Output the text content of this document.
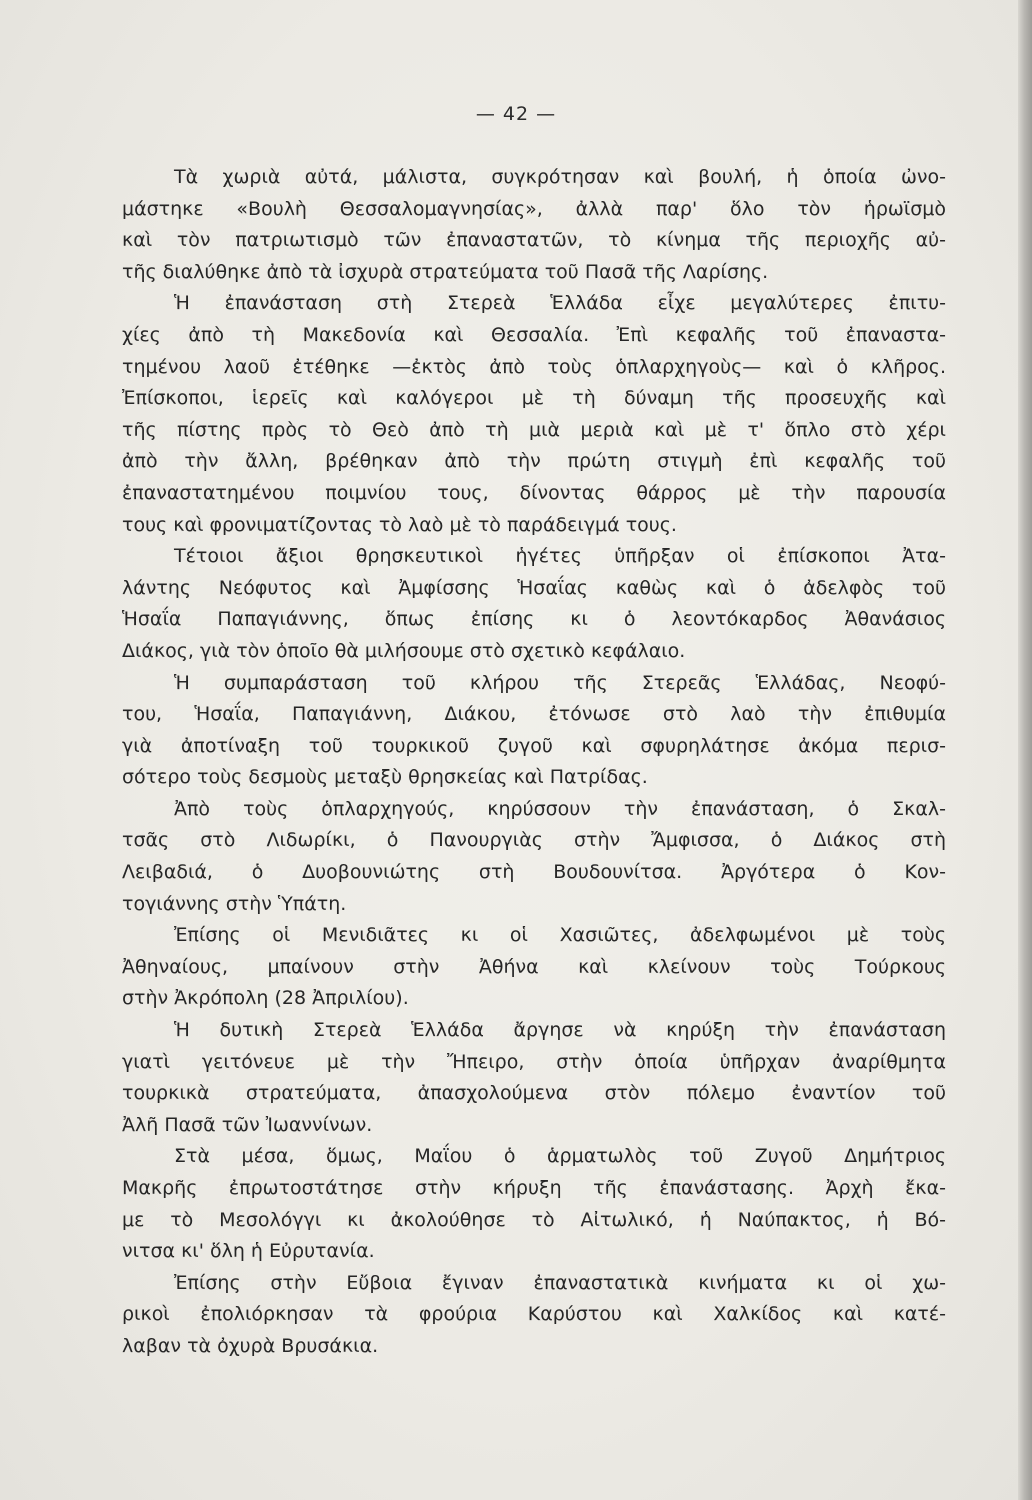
— 42 —
Τὰ χωριὰ αὐτά, μάλιστα, συγκρότησαν καὶ βουλή, ἡ ὁποία ὠνο-
μάστηκε «Βουλὴ Θεσσαλομαγνησίας», ἀλλὰ παρ' ὅλο τὸν ἡρωϊσμὸ
καὶ τὸν πατριωτισμὸ τῶν ἐπαναστατῶν, τὸ κίνημα τῆς περιοχῆς αὐ-
τῆς διαλύθηκε ἀπὸ τὰ ἰσχυρὰ στρατεύματα τοῦ Πασᾶ τῆς Λαρίσης.
Ἡ ἐπανάσταση στὴ Στερεὰ Ἑλλάδα εἶχε μεγαλύτερες ἐπιτυ-
χίες ἀπὸ τὴ Μακεδονία καὶ Θεσσαλία. Ἐπὶ κεφαλῆς τοῦ ἐπαναστα-
τημένου λαοῦ ἐτέθηκε —ἐκτὸς ἀπὸ τοὺς ὁπλαρχηγοὺς— καὶ ὁ κλῆρος.
Ἐπίσκοποι, ἱερεῖς καὶ καλόγεροι μὲ τὴ δύναμη τῆς προσευχῆς καὶ
τῆς πίστης πρὸς τὸ Θεὸ ἀπὸ τὴ μιὰ μεριὰ καὶ μὲ τ' ὅπλο στὸ χέρι
ἀπὸ τὴν ἄλλη, βρέθηκαν ἀπὸ τὴν πρώτη στιγμὴ ἐπὶ κεφαλῆς τοῦ
ἐπαναστατημένου ποιμνίου τους, δίνοντας θάρρος μὲ τὴν παρουσία
τους καὶ φρονιματίζοντας τὸ λαὸ μὲ τὸ παράδειγμά τους.
Τέτοιοι ἄξιοι θρησκευτικοὶ ἡγέτες ὑπῆρξαν οἱ ἐπίσκοποι Ἀτα-
λάντης Νεόφυτος καὶ Ἀμφίσσης Ἡσαΐας καθὼς καὶ ὁ ἀδελφὸς τοῦ
Ἡσαΐα Παπαγιάννης, ὅπως ἐπίσης κι ὁ λεοντόκαρδος Ἀθανάσιος
Διάκος, γιὰ τὸν ὁποῖο θὰ μιλήσουμε στὸ σχετικὸ κεφάλαιο.
Ἡ συμπαράσταση τοῦ κλήρου τῆς Στερεᾶς Ἑλλάδας, Νεοφύ-
του, Ἡσαΐα, Παπαγιάννη, Διάκου, ἐτόνωσε στὸ λαὸ τὴν ἐπιθυμία
γιὰ ἀποτίναξη τοῦ τουρκικοῦ ζυγοῦ καὶ σφυρηλάτησε ἀκόμα περισ-
σότερο τοὺς δεσμοὺς μεταξὺ θρησκείας καὶ Πατρίδας.
Ἀπὸ τοὺς ὁπλαρχηγούς, κηρύσσουν τὴν ἐπανάσταση, ὁ Σκαλ-
τσᾶς στὸ Λιδωρίκι, ὁ Πανουργιὰς στὴν Ἄμφισσα, ὁ Διάκος στὴ
Λειβαδιά, ὁ Δυοβουνιώτης στὴ Βουδουνίτσα. Ἀργότερα ὁ Κον-
τογιάννης στὴν Ὑπάτη.
Ἐπίσης οἱ Μενιδιᾶτες κι οἱ Χασιῶτες, ἀδελφωμένοι μὲ τοὺς
Ἀθηναίους, μπαίνουν στὴν Ἀθήνα καὶ κλείνουν τοὺς Τούρκους
στὴν Ἀκρόπολη (28 Ἀπριλίου).
Ἡ δυτικὴ Στερεὰ Ἑλλάδα ἄργησε νὰ κηρύξη τὴν ἐπανάσταση
γιατὶ γειτόνευε μὲ τὴν Ἤπειρο, στὴν ὁποία ὑπῆρχαν ἀναρίθμητα
τουρκικὰ στρατεύματα, ἀπασχολούμενα στὸν πόλεμο ἐναντίον τοῦ
Ἀλῆ Πασᾶ τῶν Ἰωαννίνων.
Στὰ μέσα, ὅμως, Μαΐου ὁ ἁρματωλὸς τοῦ Ζυγοῦ Δημήτριος
Μακρῆς ἐπρωτοστάτησε στὴν κήρυξη τῆς ἐπανάστασης. Ἀρχὴ ἔκα-
με τὸ Μεσολόγγι κι ἀκολούθησε τὸ Αἰτωλικό, ἡ Ναύπακτος, ἡ Βό-
νιτσα κι' ὅλη ἡ Εὐρυτανία.
Ἐπίσης στὴν Εὔβοια ἔγιναν ἐπαναστατικὰ κινήματα κι οἱ χω-
ρικοὶ ἐπολιόρκησαν τὰ φρούρια Καρύστου καὶ Χαλκίδος καὶ κατέ-
λαβαν τὰ ὀχυρὰ Βρυσάκια.
